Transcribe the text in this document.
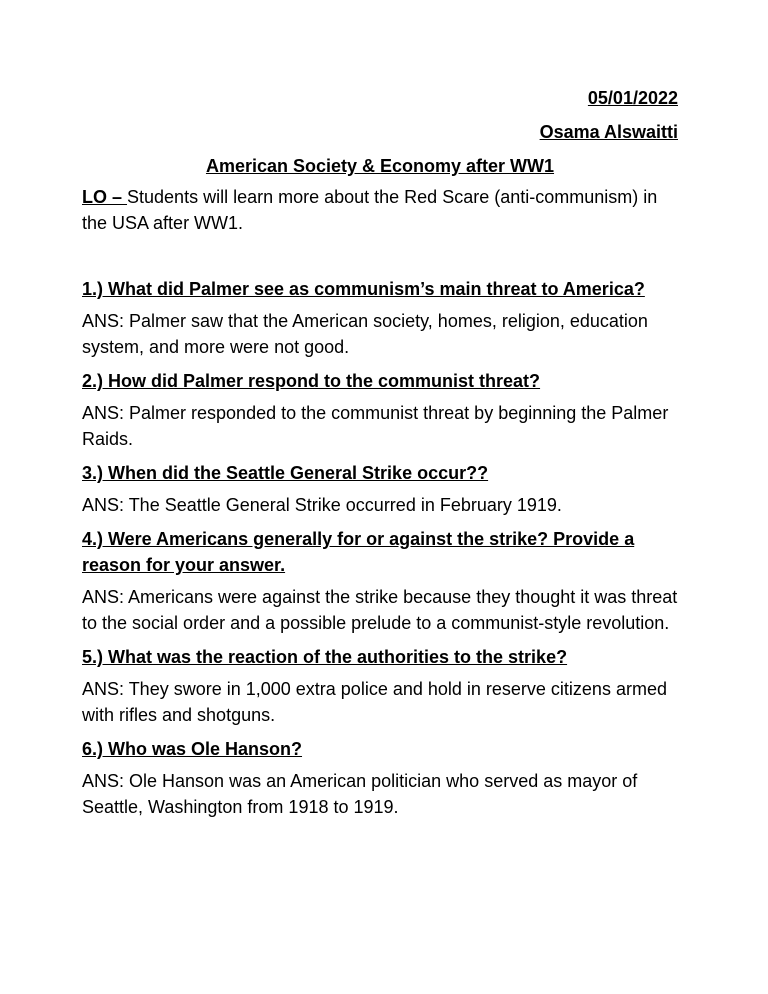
05/01/2022
Osama Alswaitti
American Society & Economy after WW1
LO – Students will learn more about the Red Scare (anti-communism) in the USA after WW1.
1.) What did Palmer see as communism’s main threat to America?
ANS: Palmer saw that the American society, homes, religion, education system, and more were not good.
2.) How did Palmer respond to the communist threat?
ANS: Palmer responded to the communist threat by beginning the Palmer Raids.
3.) When did the Seattle General Strike occur??
ANS: The Seattle General Strike occurred in February 1919.
4.) Were Americans generally for or against the strike? Provide a reason for your answer.
ANS: Americans were against the strike because they thought it was threat to the social order and a possible prelude to a communist-style revolution.
5.) What was the reaction of the authorities to the strike?
ANS: They swore in 1,000 extra police and hold in reserve citizens armed with rifles and shotguns.
6.) Who was Ole Hanson?
ANS: Ole Hanson was an American politician who served as mayor of Seattle, Washington from 1918 to 1919.
